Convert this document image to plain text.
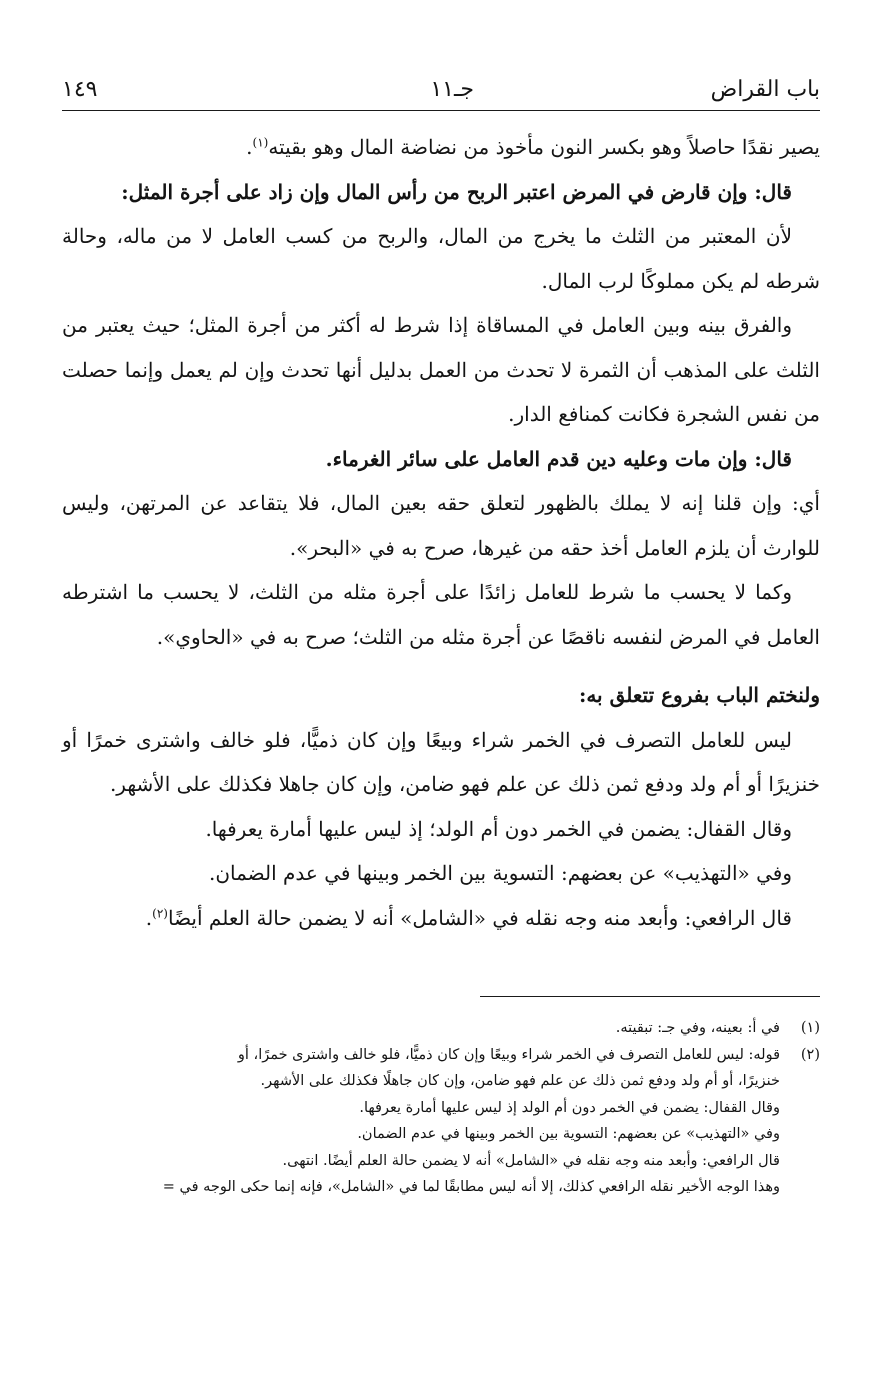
باب القراض
جـ١١
١٤٩

يصير نقدًا حاصلاً وهو بكسر النون مأخوذ من نضاضة المال وهو بقيته$^{(١)}$.

قال: وإن قارض في المرض اعتبر الربح من رأس المال وإن زاد على أجرة المثل:

لأن المعتبر من الثلث ما يخرج من المال، والربح من كسب العامل لا من ماله، وحالة شرطه لم يكن مملوكًا لرب المال.

والفرق بينه وبين العامل في المساقاة إذا شرط له أكثر من أجرة المثل؛ حيث يعتبر من الثلث على المذهب أن الثمرة لا تحدث من العمل بدليل أنها تحدث وإن لم يعمل وإنما حصلت من نفس الشجرة فكانت كمنافع الدار.

قال: وإن مات وعليه دين قدم العامل على سائر الغرماء.

أي: وإن قلنا إنه لا يملك بالظهور لتعلق حقه بعين المال، فلا يتقاعد عن المرتهن، وليس للوارث أن يلزم العامل أخذ حقه من غيرها، صرح به في «البحر».

وكما لا يحسب ما شرط للعامل زائدًا على أجرة مثله من الثلث، لا يحسب ما اشترطه العامل في المرض لنفسه ناقصًا عن أجرة مثله من الثلث؛ صرح به في «الحاوي».

ولنختم الباب بفروع تتعلق به:

ليس للعامل التصرف في الخمر شراء وبيعًا وإن كان ذميًّا، فلو خالف واشترى خمرًا أو خنزيرًا أو أم ولد ودفع ثمن ذلك عن علم فهو ضامن، وإن كان جاهلا فكذلك على الأشهر.

وقال القفال: يضمن في الخمر دون أم الولد؛ إذ ليس عليها أمارة يعرفها.

وفي «التهذيب» عن بعضهم: التسوية بين الخمر وبينها في عدم الضمان.

قال الرافعي: وأبعد منه وجه نقله في «الشامل» أنه لا يضمن حالة العلم أيضًا$^{(٢)}$.

(١)
في أ: بعينه، وفي جـ: تبقيته.
(٢)
قوله: ليس للعامل التصرف في الخمر شراء وبيعًا وإن كان ذميًّا، فلو خالف واشترى خمرًا، أو
خنزيرًا، أو أم ولد ودفع ثمن ذلك عن علم فهو ضامن، وإن كان جاهلًا فكذلك على الأشهر.
وقال القفال: يضمن في الخمر دون أم الولد إذ ليس عليها أمارة يعرفها.
وفي «التهذيب» عن بعضهم: التسوية بين الخمر وبينها في عدم الضمان.
قال الرافعي: وأبعد منه وجه نقله في «الشامل» أنه لا يضمن حالة العلم أيضًا. انتهى.
وهذا الوجه الأخير نقله الرافعي كذلك، إلا أنه ليس مطابقًا لما في «الشامل»، فإنه إنما حكى الوجه في =
